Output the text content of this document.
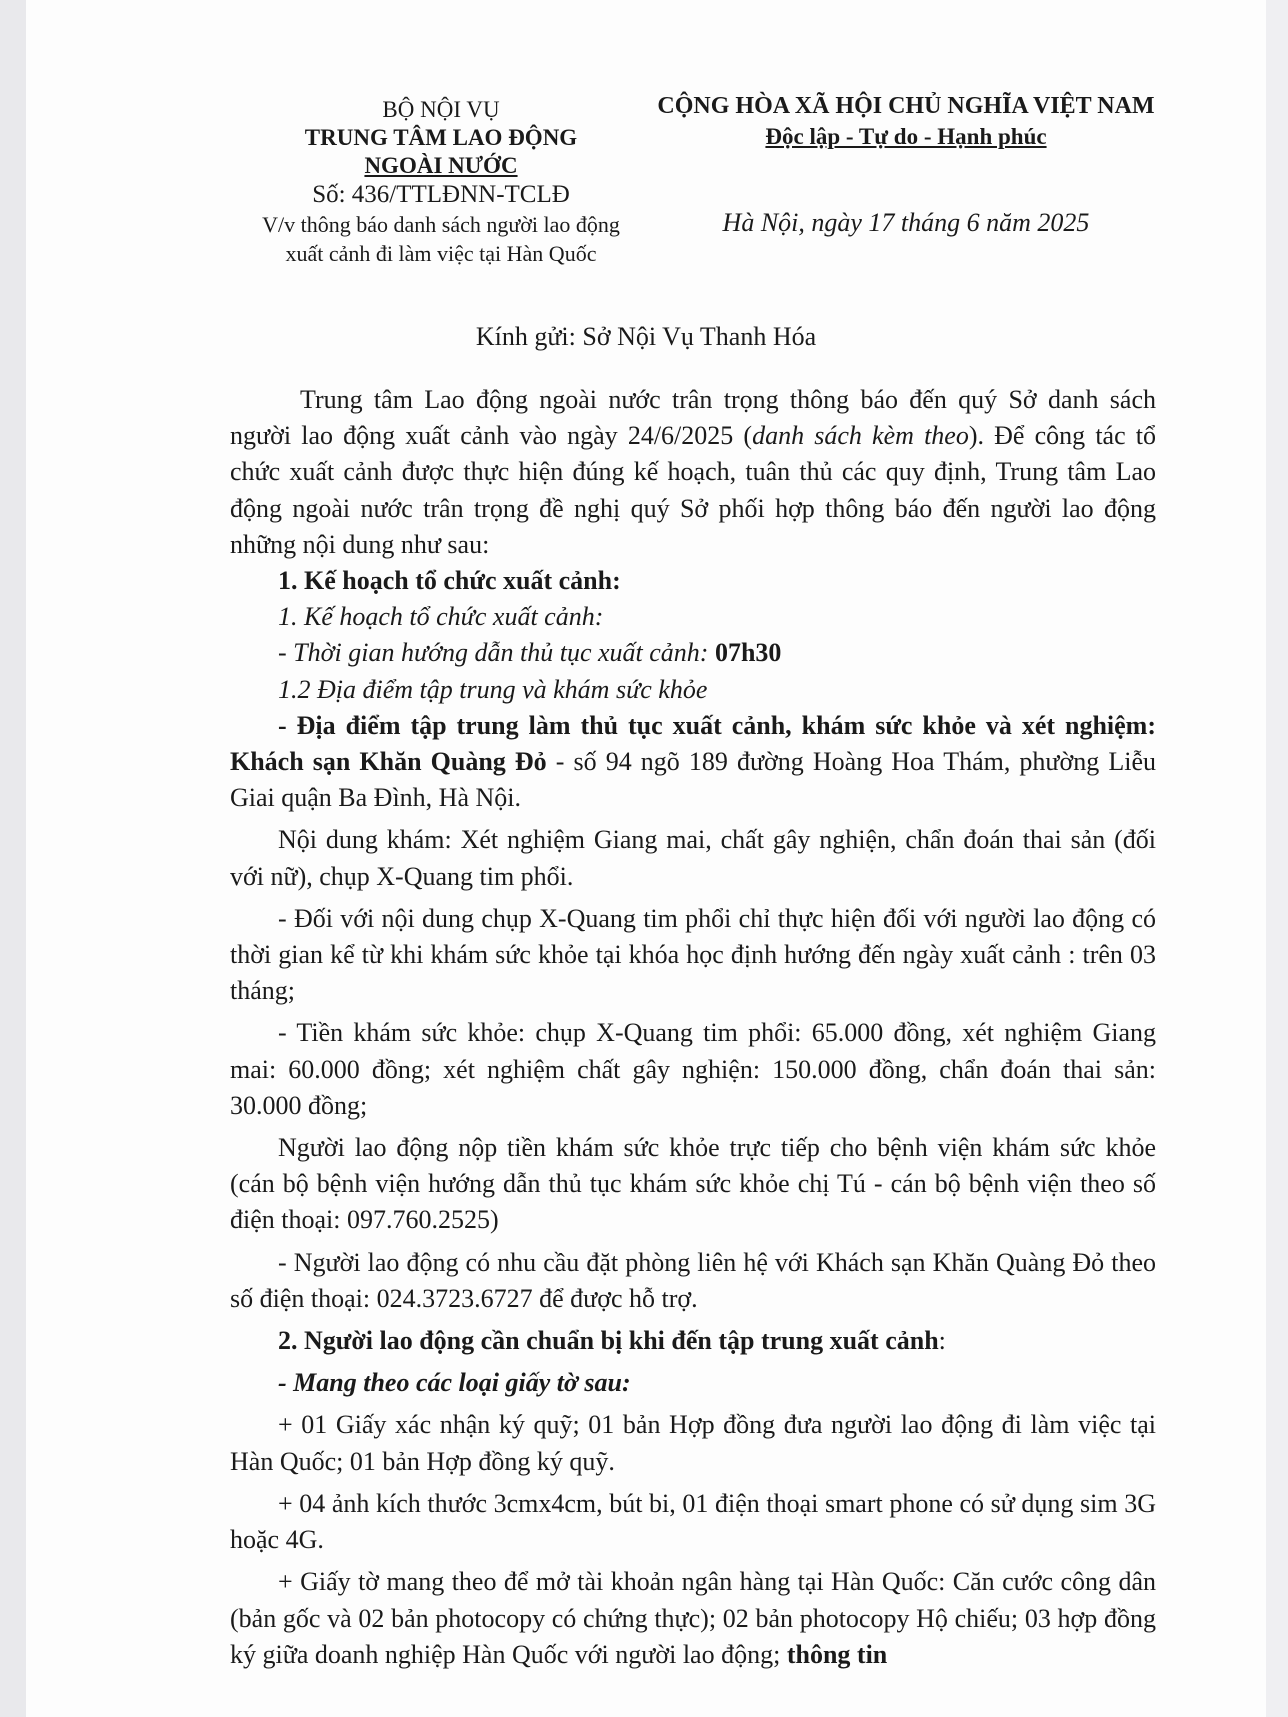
BỘ NỘI VỤ
TRUNG TÂM LAO ĐỘNG
NGOÀI NƯỚC
Số: 436/TTLĐNN-TCLĐ
V/v thông báo danh sách người lao động
xuất cảnh đi làm việc tại Hàn Quốc
CỘNG HÒA XÃ HỘI CHỦ NGHĨA VIỆT NAM
Độc lập - Tự do - Hạnh phúc
Hà Nội, ngày 17 tháng 6 năm 2025
Kính gửi: Sở Nội Vụ Thanh Hóa

Trung tâm Lao động ngoài nước trân trọng thông báo đến quý Sở danh sách người lao động xuất cảnh vào ngày 24/6/2025 (danh sách kèm theo). Để công tác tổ chức xuất cảnh được thực hiện đúng kế hoạch, tuân thủ các quy định, Trung tâm Lao động ngoài nước trân trọng đề nghị quý Sở phối hợp thông báo đến người lao động những nội dung như sau:

1. Kế hoạch tổ chức xuất cảnh:

1. Kế hoạch tổ chức xuất cảnh:

- Thời gian hướng dẫn thủ tục xuất cảnh: 07h30

1.2 Địa điểm tập trung và khám sức khỏe

- Địa điểm tập trung làm thủ tục xuất cảnh, khám sức khỏe và xét nghiệm: Khách sạn Khăn Quàng Đỏ - số 94 ngõ 189 đường Hoàng Hoa Thám, phường Liễu Giai quận Ba Đình, Hà Nội.

Nội dung khám: Xét nghiệm Giang mai, chất gây nghiện, chẩn đoán thai sản (đối với nữ), chụp X-Quang tim phổi.

- Đối với nội dung chụp X-Quang tim phổi chỉ thực hiện đối với người lao động có thời gian kể từ khi khám sức khỏe tại khóa học định hướng đến ngày xuất cảnh : trên 03 tháng;

- Tiền khám sức khỏe: chụp X-Quang tim phổi: 65.000 đồng, xét nghiệm Giang mai: 60.000 đồng; xét nghiệm chất gây nghiện: 150.000 đồng, chẩn đoán thai sản: 30.000 đồng;

Người lao động nộp tiền khám sức khỏe trực tiếp cho bệnh viện khám sức khỏe (cán bộ bệnh viện hướng dẫn thủ tục khám sức khỏe chị Tú - cán bộ bệnh viện theo số điện thoại: 097.760.2525)

- Người lao động có nhu cầu đặt phòng liên hệ với Khách sạn Khăn Quàng Đỏ theo số điện thoại: 024.3723.6727 để được hỗ trợ.

2. Người lao động cần chuẩn bị khi đến tập trung xuất cảnh:

- Mang theo các loại giấy tờ sau:

+ 01 Giấy xác nhận ký quỹ; 01 bản Hợp đồng đưa người lao động đi làm việc tại Hàn Quốc; 01 bản Hợp đồng ký quỹ.

+ 04 ảnh kích thước 3cmx4cm, bút bi, 01 điện thoại smart phone có sử dụng sim 3G hoặc 4G.

+ Giấy tờ mang theo để mở tài khoản ngân hàng tại Hàn Quốc: Căn cước công dân (bản gốc và 02 bản photocopy có chứng thực); 02 bản photocopy Hộ chiếu; 03 hợp đồng ký giữa doanh nghiệp Hàn Quốc với người lao động; thông tin
